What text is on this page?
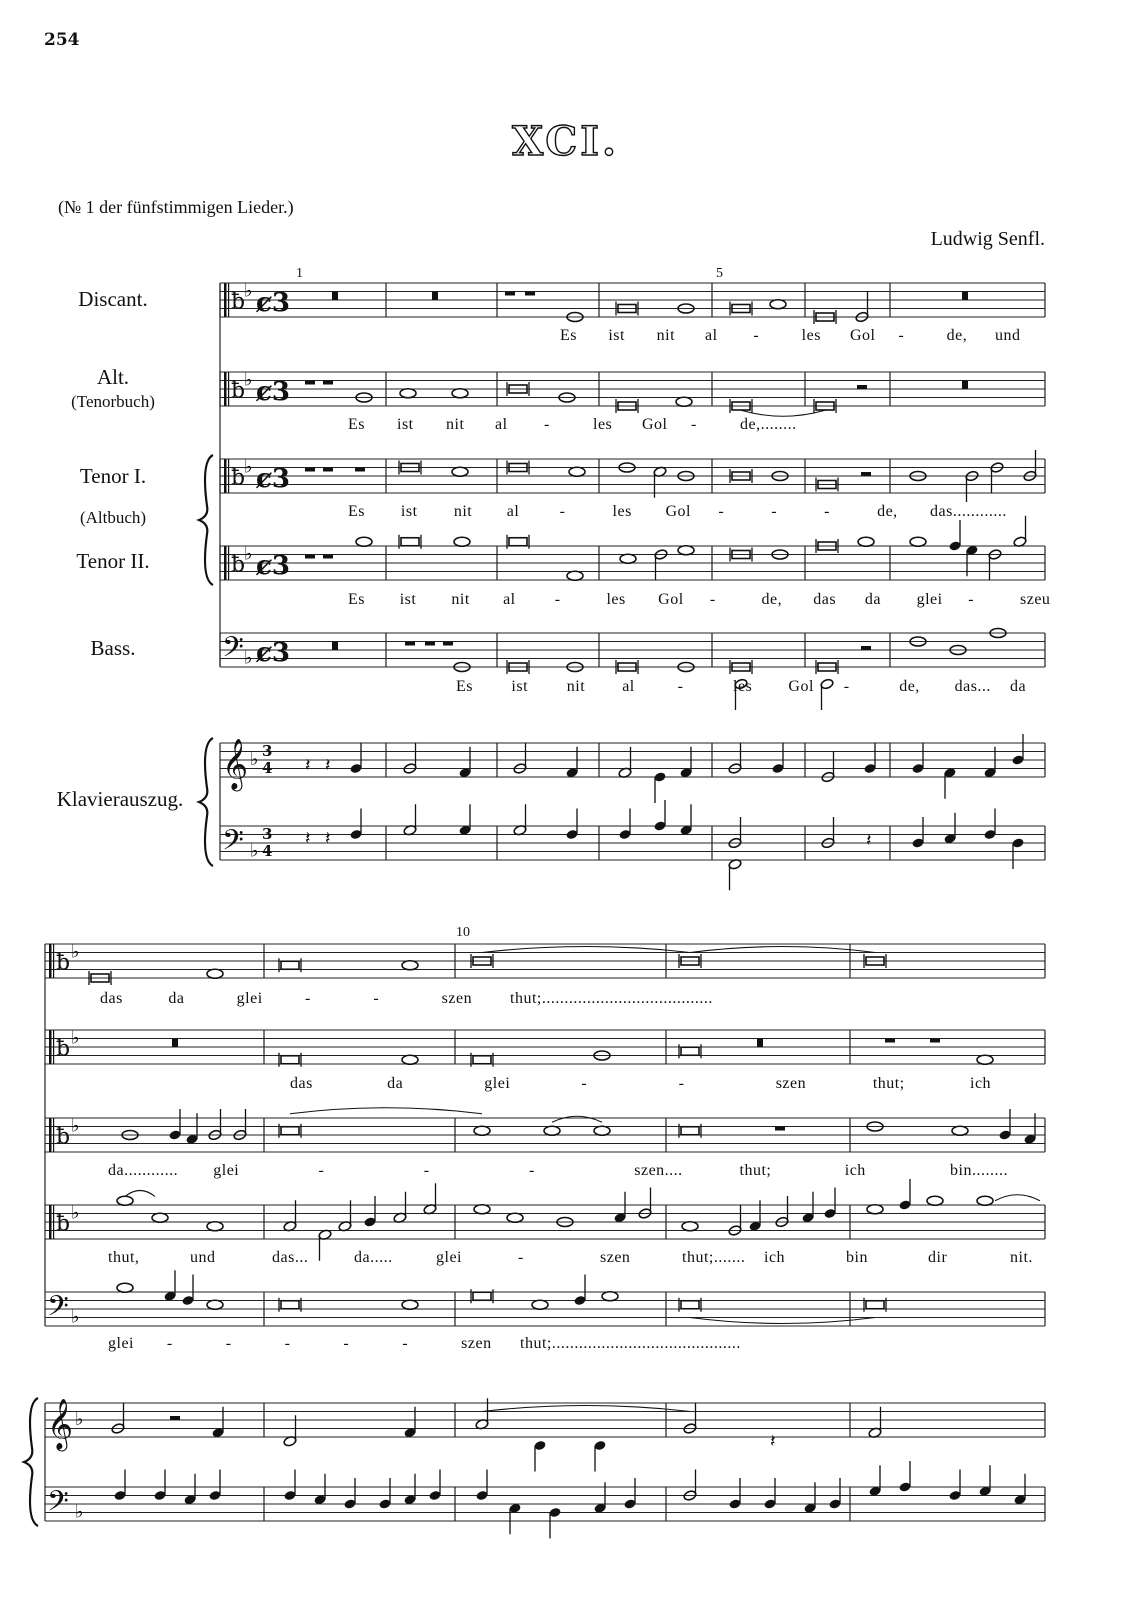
254
XCI.
(№ 1 der fünfstimmigen Lieder.)
Ludwig Senfl.
Discant.
Alt.
(Tenorbuch)
Tenor I.
(Altbuch)
Tenor II.
Bass.
Klavierauszug.
1	5
10
Es ist nit al -	les Gol -	de, und
Es ist nit al -	les Gol -	de,........
Es ist nit al	-	les Gol -	-	-	de, das............
Es ist nit al -	les Gol -	de, das da glei -	szeu
Es ist nit al	-	les Gol -	de, das... da
das	da	glei	-	-	szen thut;......................................
das	da	glei	-	-	szen	thut;	ich
da............ glei	-	-	-	szen....	thut;	ich	bin........
thut,	und	das...	da.....	glei	-	szen	thut;....... ich	bin	dir	nit.
glei -	-	-	-	-	szen thut;..........................................
ƀ
♭ ȼ3
ƀ
♭ ȼ3
ƀ
♭ ȼ3
ƀ
♭ ȼ3
𝄢 ♭ ȼ3
𝄞 ♭ 3
4
𝄢 ♭
3
4
𝄽 𝄽
𝄽 𝄽	𝄽
ƀ ♭
ƀ ♭
ƀ ♭
ƀ ♭
𝄢 ♭
𝄞 ♭
𝄢 ♭
𝄽
